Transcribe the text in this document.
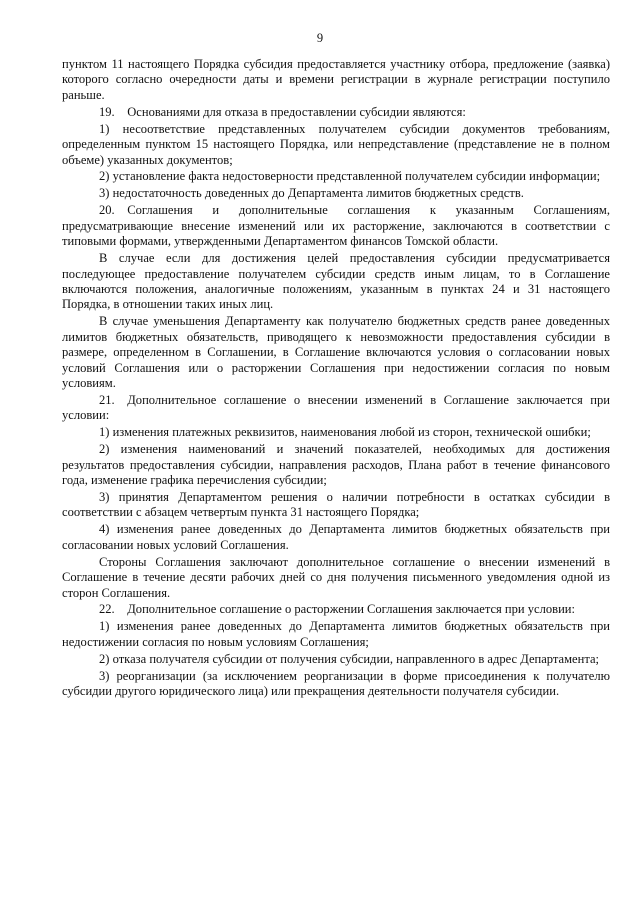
9

пунктом 11 настоящего Порядка субсидия предоставляется участнику отбора, предложение (заявка) которого согласно очередности даты и времени регистрации в журнале регистрации поступило раньше.

19. Основаниями для отказа в предоставлении субсидии являются:

1) несоответствие представленных получателем субсидии документов требованиям, определенным пунктом 15 настоящего Порядка, или непредставление (представление не в полном объеме) указанных документов;

2) установление факта недостоверности представленной получателем субсидии информации;

3) недостаточность доведенных до Департамента лимитов бюджетных средств.

20. Соглашения и дополнительные соглашения к указанным Соглашениям, предусматривающие внесение изменений или их расторжение, заключаются в соответствии с типовыми формами, утвержденными Департаментом финансов Томской области.

В случае если для достижения целей предоставления субсидии предусматривается последующее предоставление получателем субсидии средств иным лицам, то в Соглашение включаются положения, аналогичные положениям, указанным в пунктах 24 и 31 настоящего Порядка, в отношении таких иных лиц.

В случае уменьшения Департаменту как получателю бюджетных средств ранее доведенных лимитов бюджетных обязательств, приводящего к невозможности предоставления субсидии в размере, определенном в Соглашении, в Соглашение включаются условия о согласовании новых условий Соглашения или о расторжении Соглашения при недостижении согласия по новым условиям.

21. Дополнительное соглашение о внесении изменений в Соглашение заключается при условии:

1) изменения платежных реквизитов, наименования любой из сторон, технической ошибки;

2) изменения наименований и значений показателей, необходимых для достижения результатов предоставления субсидии, направления расходов, Плана работ в течение финансового года, изменение графика перечисления субсидии;

3) принятия Департаментом решения о наличии потребности в остатках субсидии в соответствии с абзацем четвертым пункта 31 настоящего Порядка;

4) изменения ранее доведенных до Департамента лимитов бюджетных обязательств при согласовании новых условий Соглашения.

Стороны Соглашения заключают дополнительное соглашение о внесении изменений в Соглашение в течение десяти рабочих дней со дня получения письменного уведомления одной из сторон Соглашения.

22. Дополнительное соглашение о расторжении Соглашения заключается при условии:

1) изменения ранее доведенных до Департамента лимитов бюджетных обязательств при недостижении согласия по новым условиям Соглашения;

2) отказа получателя субсидии от получения субсидии, направленного в адрес Департамента;

3) реорганизации (за исключением реорганизации в форме присоединения к получателю субсидии другого юридического лица) или прекращения деятельности получателя субсидии.
